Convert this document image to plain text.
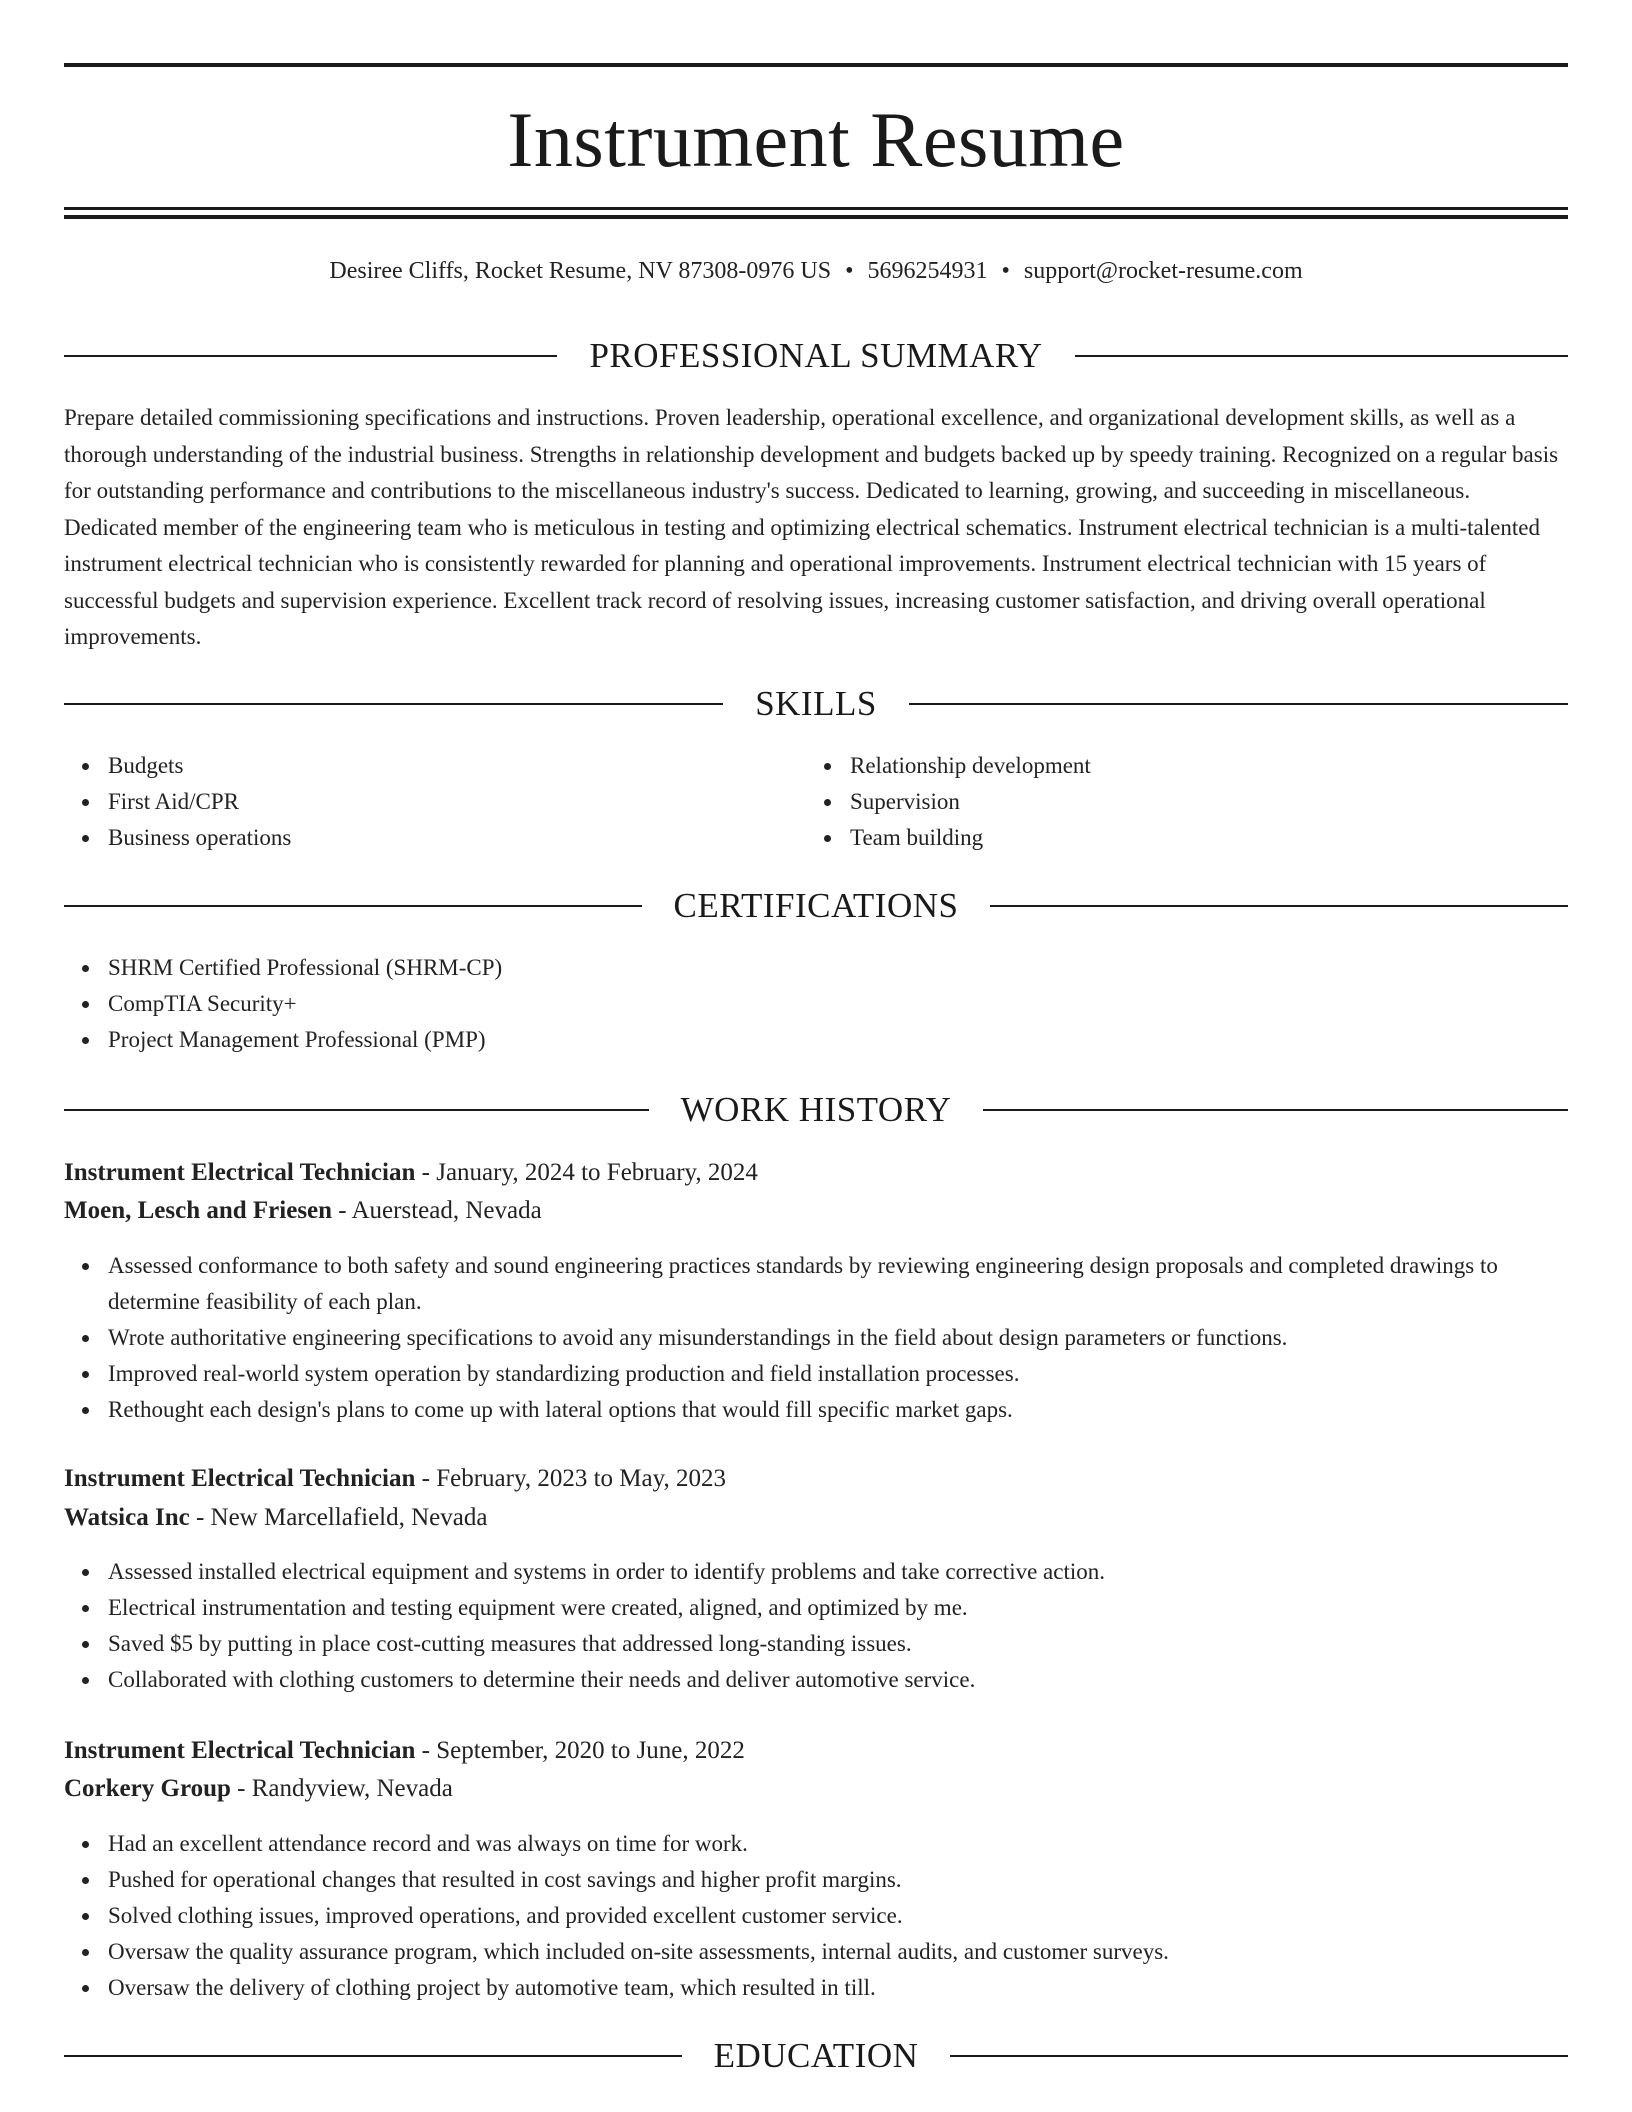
Instrument Resume
Desiree Cliffs, Rocket Resume, NV 87308-0976 US • 5696254931 • support@rocket-resume.com
PROFESSIONAL SUMMARY
Prepare detailed commissioning specifications and instructions. Proven leadership, operational excellence, and organizational development skills, as well as a thorough understanding of the industrial business. Strengths in relationship development and budgets backed up by speedy training. Recognized on a regular basis for outstanding performance and contributions to the miscellaneous industry's success. Dedicated to learning, growing, and succeeding in miscellaneous. Dedicated member of the engineering team who is meticulous in testing and optimizing electrical schematics. Instrument electrical technician is a multi-talented instrument electrical technician who is consistently rewarded for planning and operational improvements. Instrument electrical technician with 15 years of successful budgets and supervision experience. Excellent track record of resolving issues, increasing customer satisfaction, and driving overall operational improvements.
SKILLS
Budgets
First Aid/CPR
Business operations
Relationship development
Supervision
Team building
CERTIFICATIONS
SHRM Certified Professional (SHRM-CP)
CompTIA Security+
Project Management Professional (PMP)
WORK HISTORY
Instrument Electrical Technician - January, 2024 to February, 2024
Moen, Lesch and Friesen - Auerstead, Nevada
Assessed conformance to both safety and sound engineering practices standards by reviewing engineering design proposals and completed drawings to determine feasibility of each plan.
Wrote authoritative engineering specifications to avoid any misunderstandings in the field about design parameters or functions.
Improved real-world system operation by standardizing production and field installation processes.
Rethought each design's plans to come up with lateral options that would fill specific market gaps.
Instrument Electrical Technician - February, 2023 to May, 2023
Watsica Inc - New Marcellafield, Nevada
Assessed installed electrical equipment and systems in order to identify problems and take corrective action.
Electrical instrumentation and testing equipment were created, aligned, and optimized by me.
Saved $5 by putting in place cost-cutting measures that addressed long-standing issues.
Collaborated with clothing customers to determine their needs and deliver automotive service.
Instrument Electrical Technician - September, 2020 to June, 2022
Corkery Group - Randyview, Nevada
Had an excellent attendance record and was always on time for work.
Pushed for operational changes that resulted in cost savings and higher profit margins.
Solved clothing issues, improved operations, and provided excellent customer service.
Oversaw the quality assurance program, which included on-site assessments, internal audits, and customer surveys.
Oversaw the delivery of clothing project by automotive team, which resulted in till.
EDUCATION
